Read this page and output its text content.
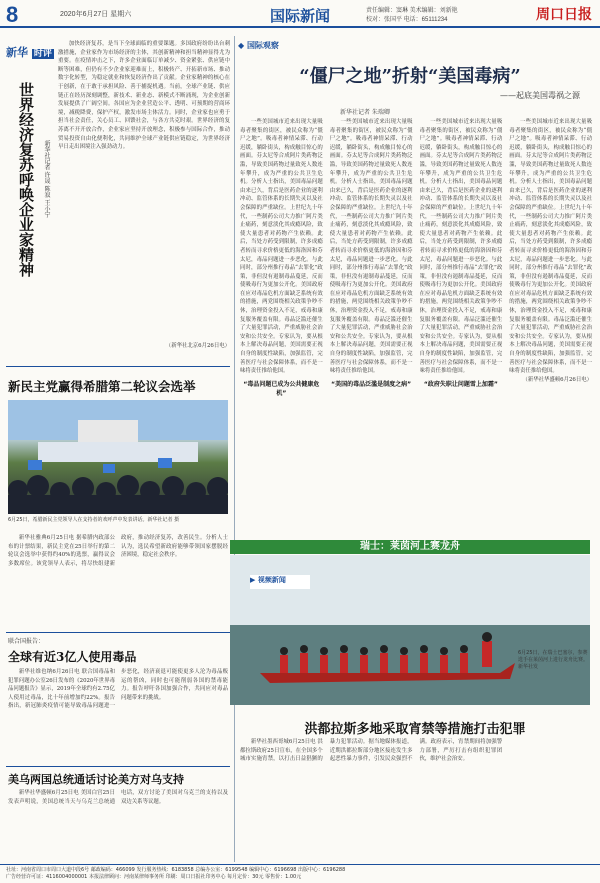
8	2020年6月27日 星期六	国际新闻	责任编辑：窦琳 美术编辑：刘新艳
校对：张国平 电话：65111234	周口日报
新华 时评
世界经济复苏呼唤企业家精神	新华社记者 许晟 陈寂 王小宁

加快经济复苏，是当下全球面临的重要课题。多国政府纷纷出台刺激措施，企业家作为市场经济的主体，其创新精神和担当精神显得尤为重要。在疫情冲击之下，许多企业面临订单减少、资金紧张、供应链中断等困难，但仍有不少企业家迎难而上，积极转产、开拓新市场、推动数字化转型，为稳定就业和恢复经济作出了贡献。企业家精神的核心在于创新，在于敢于承担风险、善于捕捉机遇。当前，全球产业链、供应链正在经历深刻调整，新技术、新业态、新模式不断涌现，为企业创新发展提供了广阔空间。各国应为企业营造公平、透明、可预期的营商环境，减税降费，保护产权，激发市场主体活力。同时，企业家也应勇于担当社会责任，关心员工、回馈社会，与各方共克时艰。世界经济的复苏离不开开放合作，企业家应坚持开放理念，积极参与国际合作，推动贸易投资自由化便利化，共同维护全球产业链供应链稳定，为世界经济早日走出困境注入强劲动力。

（新华社北京6月26日电）

新民主党赢得希腊第二轮议会选举
6月25日，希腊新民主党领导人在支持者的欢呼声中发表讲话。新华社记者 摄

新华社雅典6月25日电 据希腊内政部公布的计票结果，新民主党在25日举行的第二轮议会选举中获得约40%的选票，赢得议会多数席位。该党领导人表示，将尽快组建新政府，推动经济复苏，改善民生。分析人士认为，选民希望新政府能够带领国家摆脱经济困境，稳定社会秩序。

联合国报告：
全球有近3亿人使用毒品

新华社维也纳6月26日电 联合国毒品和犯罪问题办公室26日发布的《2020年世界毒品问题报告》显示，2019年全球约有2.75亿人使用过毒品，比十年前增加约22%。报告指出，新冠肺炎疫情可能导致毒品问题进一步恶化，经济衰退可能使更多人沦为毒品贩运的帮凶，同时也可能削弱各国的禁毒能力。报告呼吁各国加强合作，共同应对毒品问题带来的挑战。

美乌两国总统通话讨论美方对乌支持

新华社华盛顿6月25日电 美国白宫25日发表声明说，美国总统当天与乌克兰总统通电话，双方讨论了美国对乌克兰的支持以及双边关系等议题。

◆ 国际观察
“僵尸之地”折射“美国毒病”
——起底美国毒祸之源
新华社记者 朱瑞卿

一些美国城市近来出现大量吸毒者聚集的街区，被民众称为“僵尸之地”。吸毒者神情呆滞、行动迟缓，躺卧街头，构成触目惊心的画面。芬太尼等合成阿片类药物泛滥，导致美国药物过量致死人数连年攀升，成为严重的公共卫生危机。分析人士指出，美国毒品问题由来已久，背后是医药企业的逐利冲动、监管体系的长期失灵以及社会保障的严重缺位。上世纪九十年代，一些制药公司大力推广阿片类止痛药，刻意淡化其成瘾风险，致使大量患者对药物产生依赖。此后，当处方药受到限制，许多成瘾者转而寻求价格更低的海洛因和芬太尼，毒品问题进一步恶化。与此同时，部分州推行毒品“去罪化”政策，非但没有遏制毒品蔓延，反而使吸毒行为更加公开化。美国政府在应对毒品危机方面缺乏系统有效的措施，两党围绕相关政策争吵不休，治理资金投入不足，戒毒和康复服务覆盖有限。毒品泛滥还催生了大量犯罪活动，严重威胁社会治安和公共安全。专家认为，要从根本上解决毒品问题，美国需要正视自身的制度性缺陷，加强监管，完善医疗与社会保障体系，而不是一味将责任推给他国。

“毒品问题已成为公共健康危机”

一些美国城市近来出现大量吸毒者聚集的街区，被民众称为“僵尸之地”。吸毒者神情呆滞、行动迟缓，躺卧街头，构成触目惊心的画面。芬太尼等合成阿片类药物泛滥，导致美国药物过量致死人数连年攀升，成为严重的公共卫生危机。分析人士指出，美国毒品问题由来已久，背后是医药企业的逐利冲动、监管体系的长期失灵以及社会保障的严重缺位。上世纪九十年代，一些制药公司大力推广阿片类止痛药，刻意淡化其成瘾风险，致使大量患者对药物产生依赖。此后，当处方药受到限制，许多成瘾者转而寻求价格更低的海洛因和芬太尼，毒品问题进一步恶化。与此同时，部分州推行毒品“去罪化”政策，非但没有遏制毒品蔓延，反而使吸毒行为更加公开化。美国政府在应对毒品危机方面缺乏系统有效的措施，两党围绕相关政策争吵不休，治理资金投入不足，戒毒和康复服务覆盖有限。毒品泛滥还催生了大量犯罪活动，严重威胁社会治安和公共安全。专家认为，要从根本上解决毒品问题，美国需要正视自身的制度性缺陷，加强监管，完善医疗与社会保障体系，而不是一味将责任推给他国。

“美国的毒品泛滥是制度之病”

一些美国城市近来出现大量吸毒者聚集的街区，被民众称为“僵尸之地”。吸毒者神情呆滞、行动迟缓，躺卧街头，构成触目惊心的画面。芬太尼等合成阿片类药物泛滥，导致美国药物过量致死人数连年攀升，成为严重的公共卫生危机。分析人士指出，美国毒品问题由来已久，背后是医药企业的逐利冲动、监管体系的长期失灵以及社会保障的严重缺位。上世纪九十年代，一些制药公司大力推广阿片类止痛药，刻意淡化其成瘾风险，致使大量患者对药物产生依赖。此后，当处方药受到限制，许多成瘾者转而寻求价格更低的海洛因和芬太尼，毒品问题进一步恶化。与此同时，部分州推行毒品“去罪化”政策，非但没有遏制毒品蔓延，反而使吸毒行为更加公开化。美国政府在应对毒品危机方面缺乏系统有效的措施，两党围绕相关政策争吵不休，治理资金投入不足，戒毒和康复服务覆盖有限。毒品泛滥还催生了大量犯罪活动，严重威胁社会治安和公共安全。专家认为，要从根本上解决毒品问题，美国需要正视自身的制度性缺陷，加强监管，完善医疗与社会保障体系，而不是一味将责任推给他国。

“政府失职让问题雪上加霜”

一些美国城市近来出现大量吸毒者聚集的街区，被民众称为“僵尸之地”。吸毒者神情呆滞、行动迟缓，躺卧街头，构成触目惊心的画面。芬太尼等合成阿片类药物泛滥，导致美国药物过量致死人数连年攀升，成为严重的公共卫生危机。分析人士指出，美国毒品问题由来已久，背后是医药企业的逐利冲动、监管体系的长期失灵以及社会保障的严重缺位。上世纪九十年代，一些制药公司大力推广阿片类止痛药，刻意淡化其成瘾风险，致使大量患者对药物产生依赖。此后，当处方药受到限制，许多成瘾者转而寻求价格更低的海洛因和芬太尼，毒品问题进一步恶化。与此同时，部分州推行毒品“去罪化”政策，非但没有遏制毒品蔓延，反而使吸毒行为更加公开化。美国政府在应对毒品危机方面缺乏系统有效的措施，两党围绕相关政策争吵不休，治理资金投入不足，戒毒和康复服务覆盖有限。毒品泛滥还催生了大量犯罪活动，严重威胁社会治安和公共安全。专家认为，要从根本上解决毒品问题，美国需要正视自身的制度性缺陷，加强监管，完善医疗与社会保障体系，而不是一味将责任推给他国。

（新华社华盛顿6月26日电）

瑞士：莱茵河上赛龙舟
▶ 视频新闻
6月25日，在瑞士巴塞尔，参赛选手在莱茵河上进行龙舟比赛。新华社发
洪都拉斯多地采取宵禁等措施打击犯罪

新华社墨西哥城6月25日电 洪都拉斯政府25日宣布，在全国多个城市实施宵禁，以打击日益猖獗的暴力犯罪活动。据当地媒体报道，近期洪都拉斯部分地区接连发生多起恶性暴力事件，引发民众强烈不满。政府表示，宵禁期间将加强警力部署，严厉打击有组织犯罪团伙，维护社会治安。

社址：河南省周口市周口大道中段6号 邮政编码：466099 发行服务热线：6183858 总编办公室：6199548 编辑中心：6196698 出版中心：6196288
广告经营许可证：4116004000001 本报法律顾问：河南某律师事务所 印刷：周口日报社印务中心 每月定价：30元 零售价：1.00元
